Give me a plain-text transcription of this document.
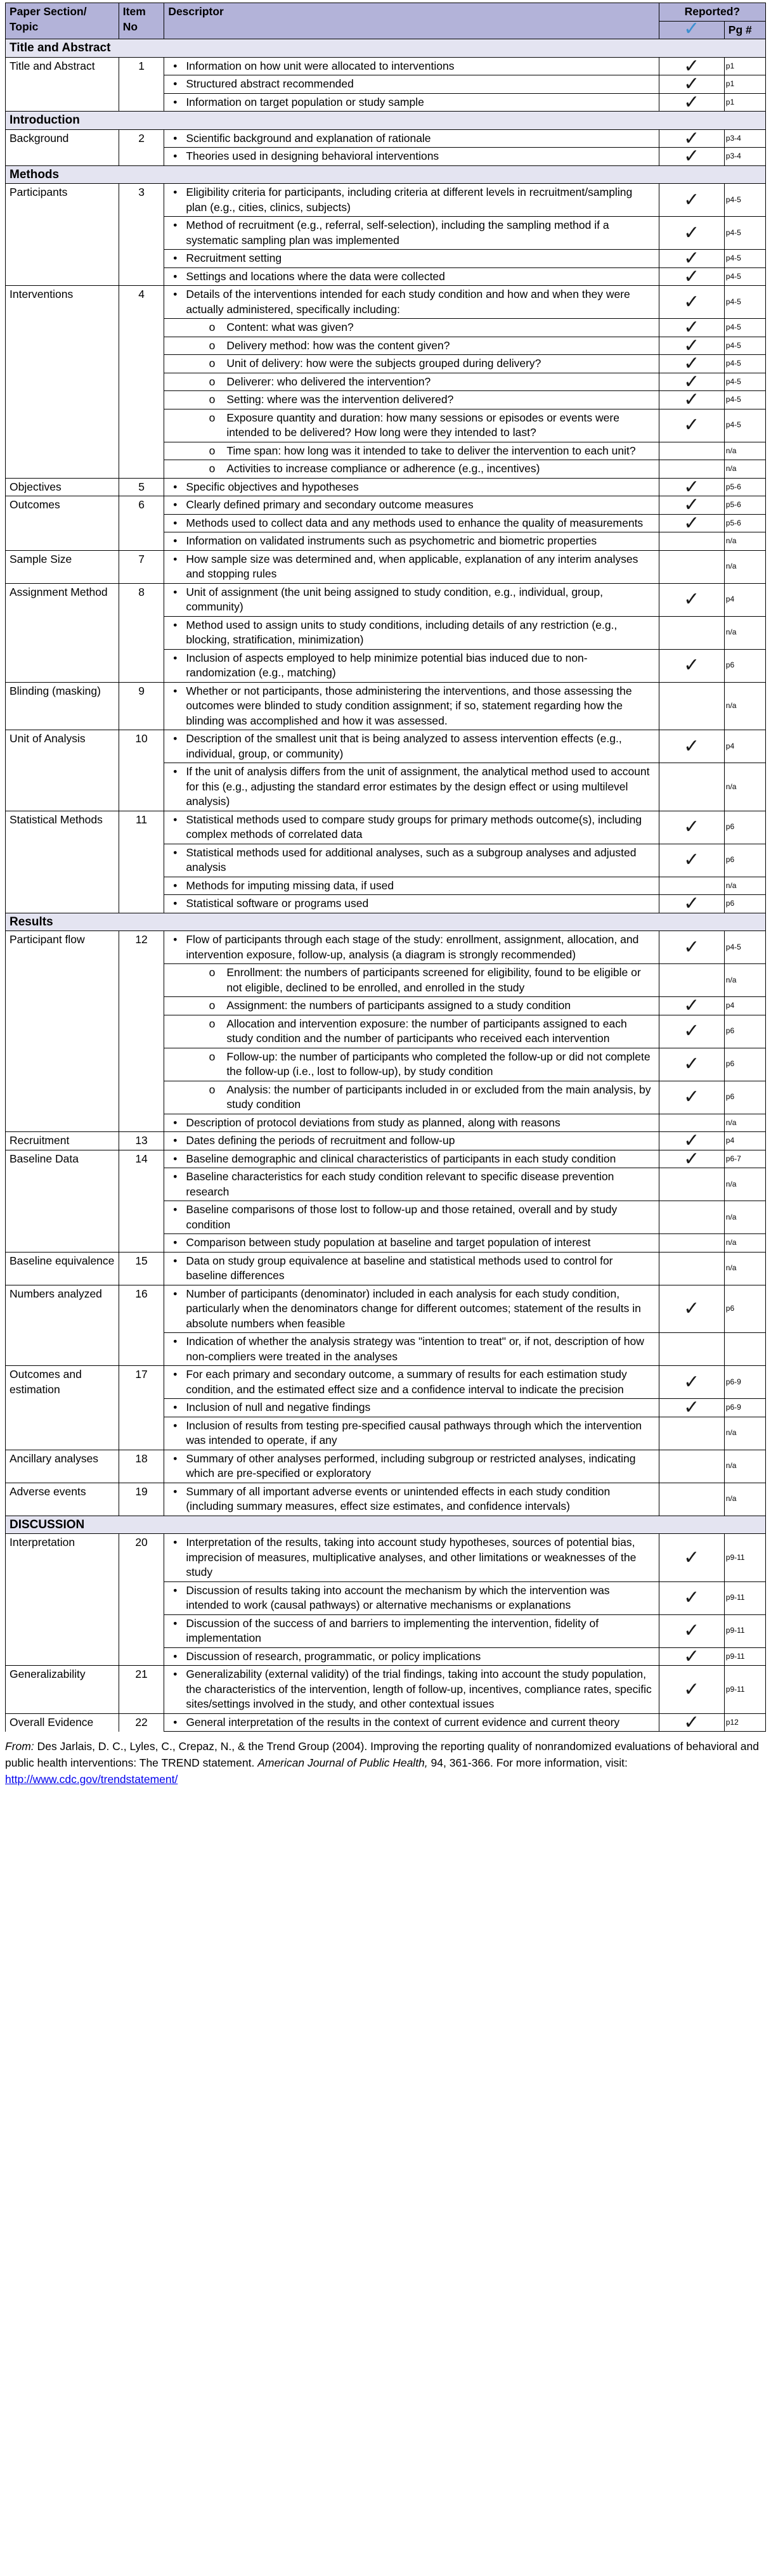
Paper Section/ Topic	Item No	Descriptor	Reported?	
			✓	Pg #
Title and Abstract				
Title and Abstract	1	• Information on how unit were allocated to interventions	✓	p1

		• Structured abstract recommended	✓	p1

		• Information on target population or study sample	✓	p1
Introduction				
Background	2	• Scientific background and explanation of rationale	✓	p3-4

		• Theories used in designing behavioral interventions	✓	p3-4
Methods				
Participants	3	• Eligibility criteria for participants, including criteria at different levels in recruitment/sampling plan (e.g., cities, clinics, subjects)	✓	p4-5

		• Method of recruitment (e.g., referral, self-selection), including the sampling method if a systematic sampling plan was implemented	✓	p4-5

		• Recruitment setting	✓	p4-5

		• Settings and locations where the data were collected	✓	p4-5
Interventions	4	• Details of the interventions intended for each study condition and how and when they were actually administered, specifically including:	✓	p4-5

		o Content: what was given?	✓	p4-5

		o Delivery method: how was the content given?	✓	p4-5

		o Unit of delivery: how were the subjects grouped during delivery?	✓	p4-5

		o Deliverer: who delivered the intervention?	✓	p4-5

		o Setting: where was the intervention delivered?	✓	p4-5

		o Exposure quantity and duration: how many sessions or episodes or events were intended to be delivered? How long were they intended to last?	✓	p4-5

		o Time span: how long was it intended to take to deliver the intervention to each unit?		n/a

		o Activities to increase compliance or adherence (e.g., incentives)		n/a
Objectives	5	• Specific objectives and hypotheses	✓	p5-6
Outcomes	6	• Clearly defined primary and secondary outcome measures	✓	p5-6

		• Methods used to collect data and any methods used to enhance the quality of measurements	✓	p5-6

		• Information on validated instruments such as psychometric and biometric properties		n/a
Sample Size	7	• How sample size was determined and, when applicable, explanation of any interim analyses and stopping rules		n/a
Assignment Method	8	• Unit of assignment (the unit being assigned to study condition, e.g., individual, group, community)	✓	p4

		• Method used to assign units to study conditions, including details of any restriction (e.g., blocking, stratification, minimization)		n/a

		• Inclusion of aspects employed to help minimize potential bias induced due to non-randomization (e.g., matching)	✓	p6
Blinding (masking)	9	• Whether or not participants, those administering the interventions, and those assessing the outcomes were blinded to study condition assignment; if so, statement regarding how the blinding was accomplished and how it was assessed.		n/a
Unit of Analysis	10	• Description of the smallest unit that is being analyzed to assess intervention effects (e.g., individual, group, or community)	✓	p4

		• If the unit of analysis differs from the unit of assignment, the analytical method used to account for this (e.g., adjusting the standard error estimates by the design effect or using multilevel analysis)		n/a
Statistical Methods	11	• Statistical methods used to compare study groups for primary methods outcome(s), including complex methods of correlated data	✓	p6

		• Statistical methods used for additional analyses, such as a subgroup analyses and adjusted analysis	✓	p6

		• Methods for imputing missing data, if used		n/a

		• Statistical software or programs used	✓	p6
Results				
Participant flow	12	• Flow of participants through each stage of the study: enrollment, assignment, allocation, and intervention exposure, follow-up, analysis (a diagram is strongly recommended)	✓	p4-5

		o Enrollment: the numbers of participants screened for eligibility, found to be eligible or not eligible, declined to be enrolled, and enrolled in the study		n/a

		o Assignment: the numbers of participants assigned to a study condition	✓	p4

		o Allocation and intervention exposure: the number of participants assigned to each study condition and the number of participants who received each intervention	✓	p6

		o Follow-up: the number of participants who completed the follow-up or did not complete the follow-up (i.e., lost to follow-up), by study condition	✓	p6

		o Analysis: the number of participants included in or excluded from the main analysis, by study condition	✓	p6

		• Description of protocol deviations from study as planned, along with reasons		n/a
Recruitment	13	• Dates defining the periods of recruitment and follow-up	✓	p4
Baseline Data	14	• Baseline demographic and clinical characteristics of participants in each study condition	✓	p6-7

		• Baseline characteristics for each study condition relevant to specific disease prevention research		n/a

		• Baseline comparisons of those lost to follow-up and those retained, overall and by study condition		n/a

		• Comparison between study population at baseline and target population of interest		n/a
Baseline equivalence	15	• Data on study group equivalence at baseline and statistical methods used to control for baseline differences		n/a
Numbers analyzed	16	• Number of participants (denominator) included in each analysis for each study condition, particularly when the denominators change for different outcomes; statement of the results in absolute numbers when feasible	✓	p6

		• Indication of whether the analysis strategy was "intention to treat" or, if not, description of how non-compliers were treated in the analyses		

Outcomes and estimation	17	• For each primary and secondary outcome, a summary of results for each estimation study condition, and the estimated effect size and a confidence interval to indicate the precision	✓	p6-9

		• Inclusion of null and negative findings	✓	p6-9

		• Inclusion of results from testing pre-specified causal pathways through which the intervention was intended to operate, if any		n/a
Ancillary analyses	18	• Summary of other analyses performed, including subgroup or restricted analyses, indicating which are pre-specified or exploratory		n/a
Adverse events	19	• Summary of all important adverse events or unintended effects in each study condition (including summary measures, effect size estimates, and confidence intervals)		n/a
DISCUSSION				
Interpretation	20	• Interpretation of the results, taking into account study hypotheses, sources of potential bias, imprecision of measures, multiplicative analyses, and other limitations or weaknesses of the study	✓	p9-11

		• Discussion of results taking into account the mechanism by which the intervention was intended to work (causal pathways) or alternative mechanisms or explanations	✓	p9-11

		• Discussion of the success of and barriers to implementing the intervention, fidelity of implementation	✓	p9-11

		• Discussion of research, programmatic, or policy implications	✓	p9-11
Generalizability	21	• Generalizability (external validity) of the trial findings, taking into account the study population, the characteristics of the intervention, length of follow-up, incentives, compliance rates, specific sites/settings involved in the study, and other contextual issues	✓	p9-11
Overall Evidence	22	• General interpretation of the results in the context of current evidence and current theory	✓	p12
From: Des Jarlais, D. C., Lyles, C., Crepaz, N., & the Trend Group (2004). Improving the reporting quality of nonrandomized evaluations of behavioral and public health interventions: The TREND statement. American Journal of Public Health, 94, 361-366. For more information, visit: http://www.cdc.gov/trendstatement/
